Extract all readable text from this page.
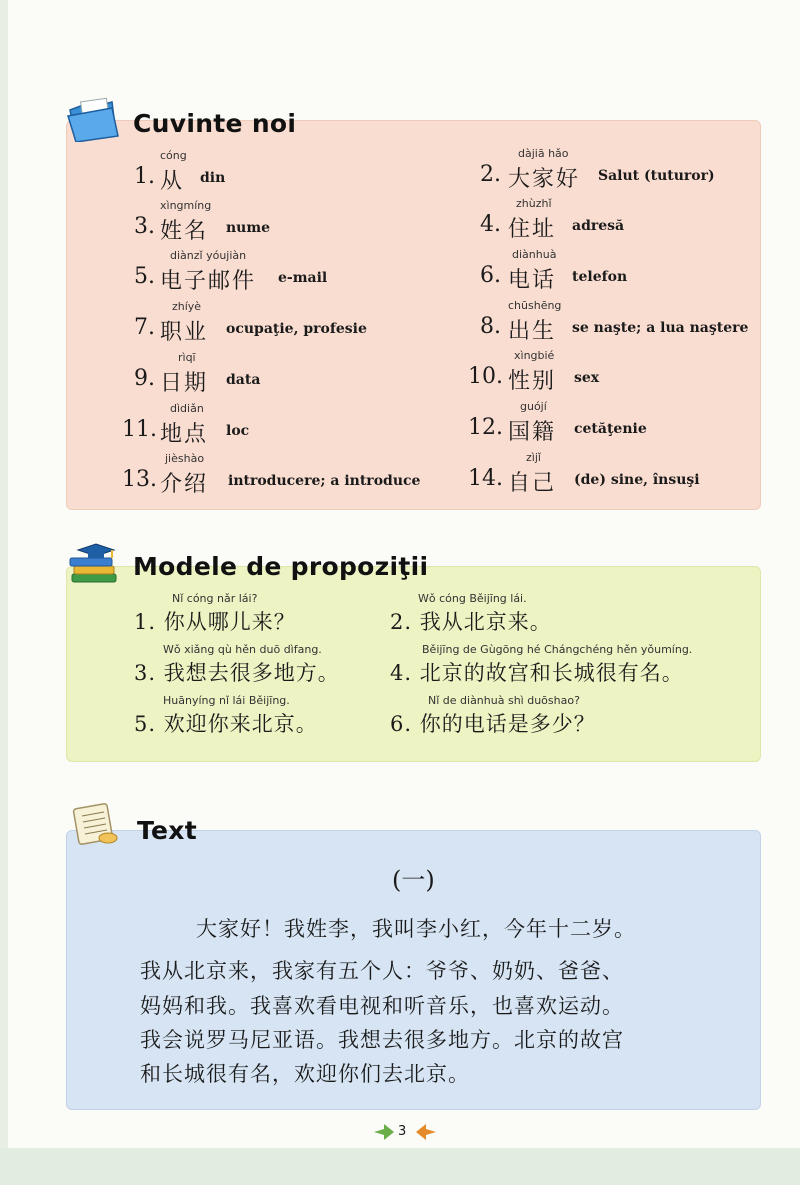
Cuvinte noi
cóng
1. 从 din
xìngmíng
3. 姓名 nume
diànzǐ yóujiàn
5. 电子邮件 e-mail
zhíyè
7. 职业 ocupaţie, profesie
rìqī
9. 日期 data
dìdiǎn
11. 地点 loc
jièshào
13. 介绍 introducere; a introduce
dàjiā hǎo
2. 大家好 Salut (tuturor)
zhùzhǐ
4. 住址 adresă
diànhuà
6. 电话 telefon
chūshēng
8. 出生 se naşte; a lua naştere
xìngbié
10. 性别 sex
guójí
12. 国籍 cetăţenie
zìjǐ
14. 自己 (de) sine, însuşi
Modele de propoziţii
Nǐ cóng nǎr lái?
1. 你从哪儿来？
Wǒ cóng Běijīng lái.
2. 我从北京来。
Wǒ xiǎng qù hěn duō dìfang.
3. 我想去很多地方。
Běijīng de Gùgōng hé Chángchéng hěn yǒumíng.
4. 北京的故宫和长城很有名。
Huānyíng nǐ lái Běijīng.
5. 欢迎你来北京。
Nǐ de diànhuà shì duōshao?
6. 你的电话是多少？
Text
(一)
大家好！我姓李，我叫李小红，今年十二岁。
我从北京来，我家有五个人：爷爷、奶奶、爸爸、
妈妈和我。我喜欢看电视和听音乐，也喜欢运动。
我会说罗马尼亚语。我想去很多地方。北京的故宫
和长城很有名，欢迎你们去北京。
3
